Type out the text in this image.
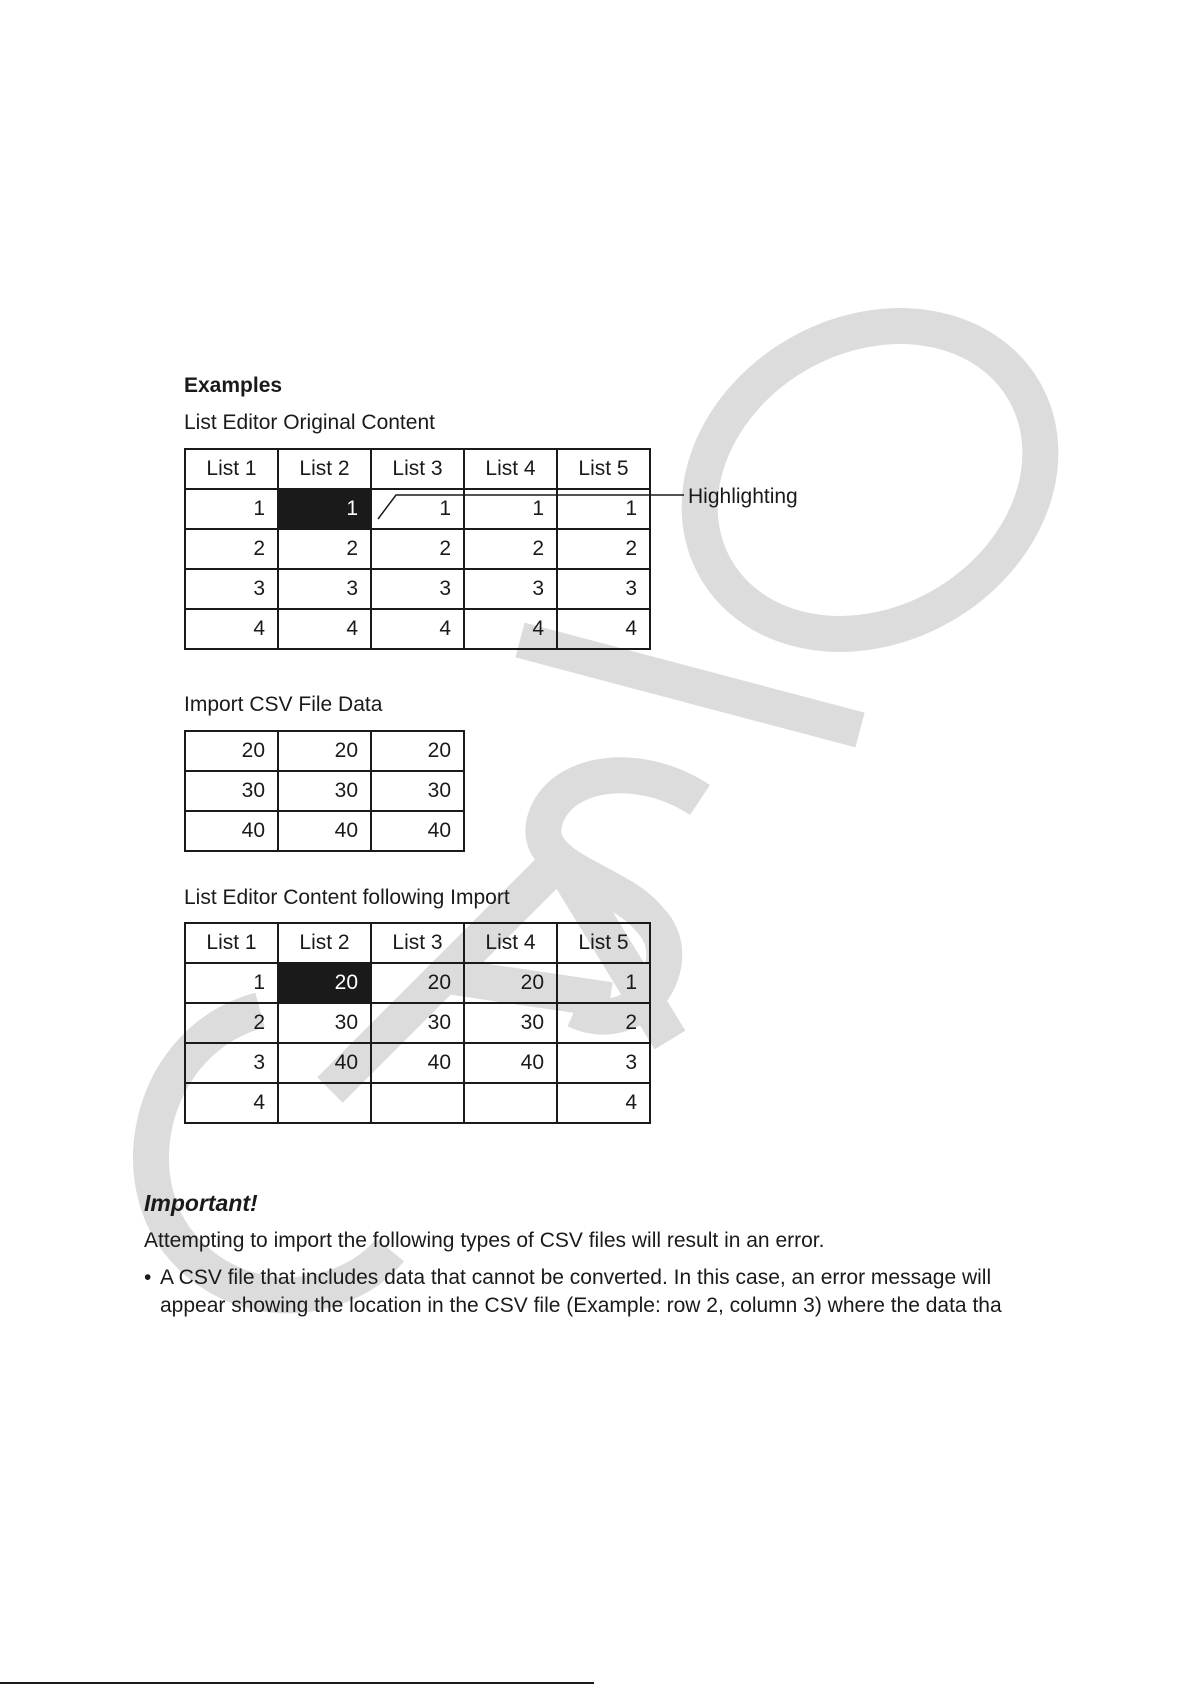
Examples
List Editor Original Content
List 1	List 2	List 3	List 4	List 5
1	1	1	1	1
2	2	2	2	2
3	3	3	3	3
4	4	4	4	4
Highlighting
Import CSV File Data
20	20	20
30	30	30
40	40	40
List Editor Content following Import
List 1	List 2	List 3	List 4	List 5
1	20	20	20	1
2	30	30	30	2
3	40	40	40	3
4				4
Important!
Attempting to import the following types of CSV files will result in an error.
• A CSV file that includes data that cannot be converted. In this case, an error message will
appear showing the location in the CSV file (Example: row 2, column 3) where the data tha
